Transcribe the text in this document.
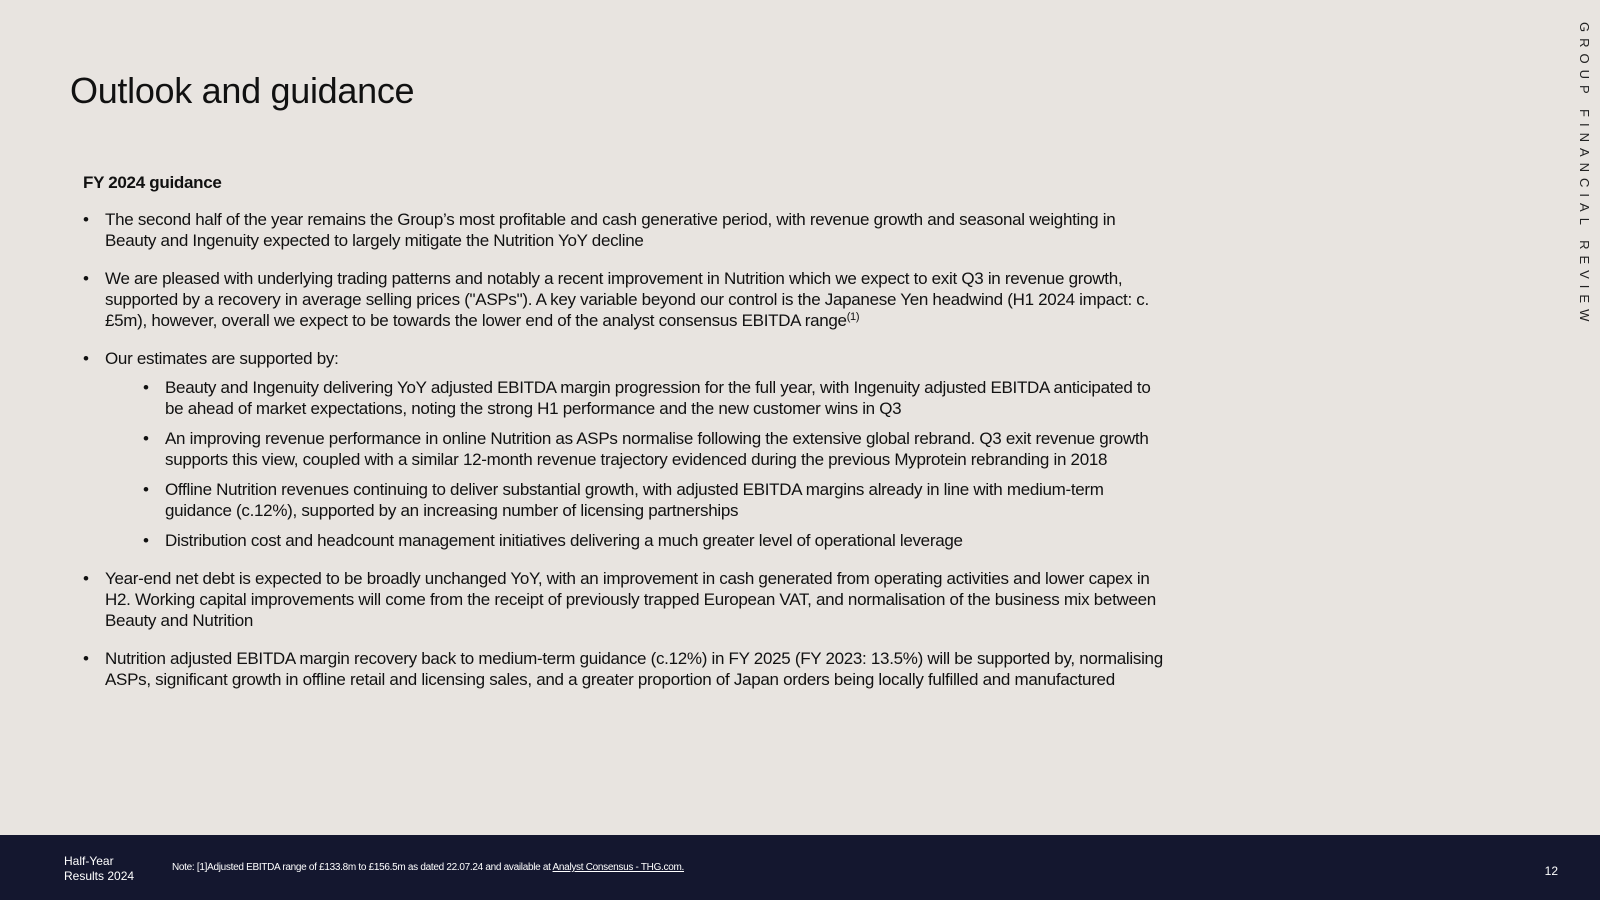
Outlook and guidance	GROUP FINANCIAL REVIEW

FY 2024 guidance

• The second half of the year remains the Group’s most profitable and cash generative period, with revenue growth and seasonal weighting in Beauty and Ingenuity expected to largely mitigate the Nutrition YoY decline
• We are pleased with underlying trading patterns and notably a recent improvement in Nutrition which we expect to exit Q3 in revenue growth, supported by a recovery in average selling prices ("ASPs"). A key variable beyond our control is the Japanese Yen headwind (H1 2024 impact: c.£5m), however, overall we expect to be towards the lower end of the analyst consensus EBITDA range$^{(1)}$
• Our estimates are supported by:
• Beauty and Ingenuity delivering YoY adjusted EBITDA margin progression for the full year, with Ingenuity adjusted EBITDA anticipated to be ahead of market expectations, noting the strong H1 performance and the new customer wins in Q3
• An improving revenue performance in online Nutrition as ASPs normalise following the extensive global rebrand. Q3 exit revenue growth supports this view, coupled with a similar 12-month revenue trajectory evidenced during the previous Myprotein rebranding in 2018
• Offline Nutrition revenues continuing to deliver substantial growth, with adjusted EBITDA margins already in line with medium-term guidance (c.12%), supported by an increasing number of licensing partnerships
• Distribution cost and headcount management initiatives delivering a much greater level of operational leverage
• Year-end net debt is expected to be broadly unchanged YoY, with an improvement in cash generated from operating activities and lower capex in H2. Working capital improvements will come from the receipt of previously trapped European VAT, and normalisation of the business mix between Beauty and Nutrition
• Nutrition adjusted EBITDA margin recovery back to medium-term guidance (c.12%) in FY 2025 (FY 2023: 13.5%) will be supported by, normalising ASPs, significant growth in offline retail and licensing sales, and a greater proportion of Japan orders being locally fulfilled and manufactured
Half-Year Results 2024
Note: [1]Adjusted EBITDA range of £133.8m to £156.5m as dated 22.07.24 and available at Analyst Consensus - THG.com.	12
